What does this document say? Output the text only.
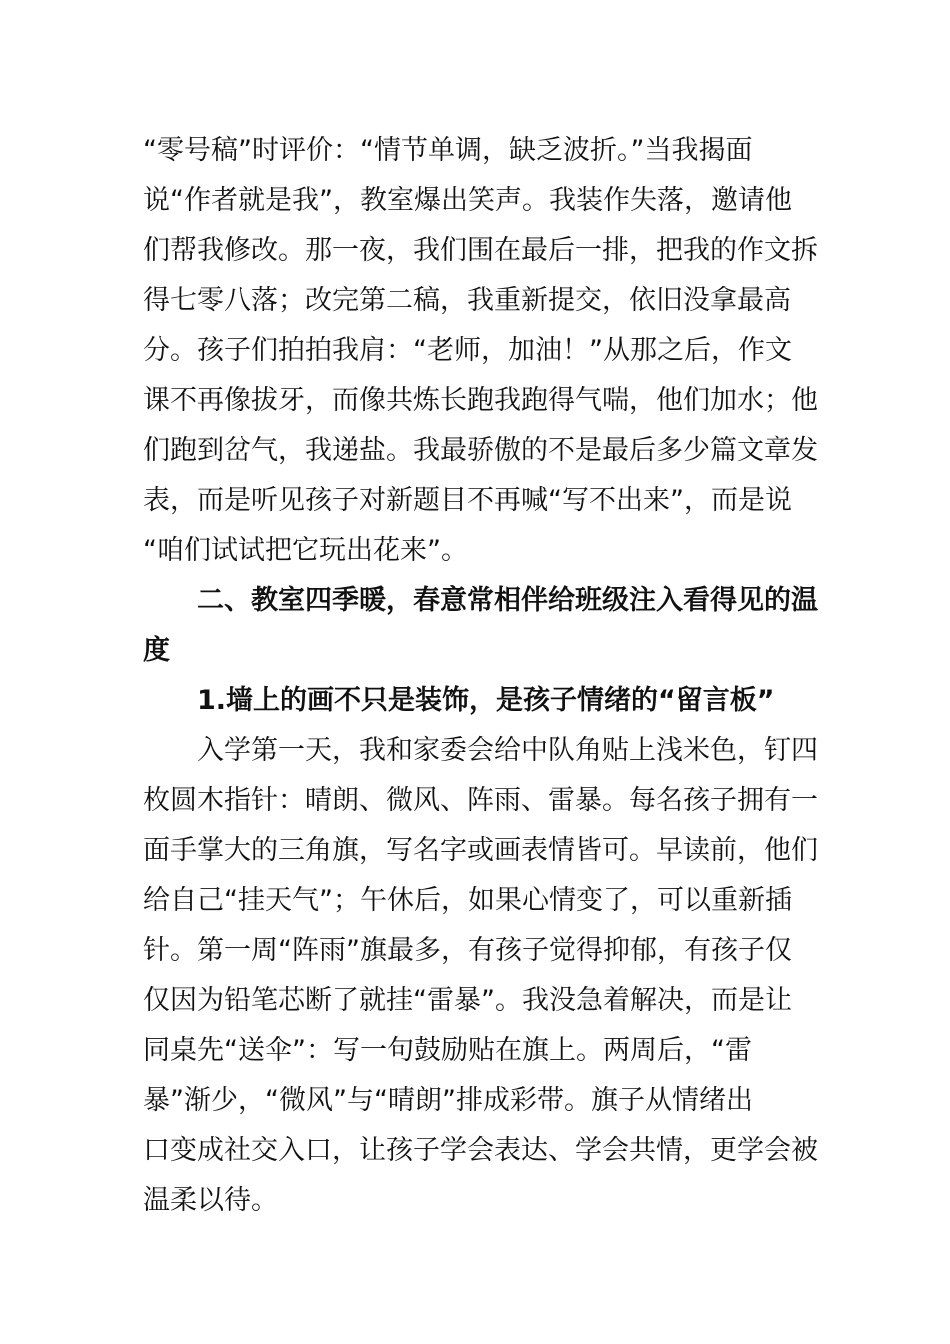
“零号稿”时评价：“情节单调，缺乏波折。”当我揭面
说“作者就是我”，教室爆出笑声。我装作失落，邀请他
们帮我修改。那一夜，我们围在最后一排，把我的作文拆
得七零八落；改完第二稿，我重新提交，依旧没拿最高
分。孩子们拍拍我肩：“老师，加油！”从那之后，作文
课不再像拔牙，而像共炼长跑我跑得气喘，他们加水；他
们跑到岔气，我递盐。我最骄傲的不是最后多少篇文章发
表，而是听见孩子对新题目不再喊“写不出来”，而是说
“咱们试试把它玩出花来”。
二、教室四季暖，春意常相伴给班级注入看得见的温
度
1.墙上的画不只是装饰，是孩子情绪的“留言板”
入学第一天，我和家委会给中队角贴上浅米色，钉四
枚圆木指针：晴朗、微风、阵雨、雷暴。每名孩子拥有一
面手掌大的三角旗，写名字或画表情皆可。早读前，他们
给自己“挂天气”；午休后，如果心情变了，可以重新插
针。第一周“阵雨”旗最多，有孩子觉得抑郁，有孩子仅
仅因为铅笔芯断了就挂“雷暴”。我没急着解决，而是让
同桌先“送伞”：写一句鼓励贴在旗上。两周后，“雷
暴”渐少，“微风”与“晴朗”排成彩带。旗子从情绪出
口变成社交入口，让孩子学会表达、学会共情，更学会被
温柔以待。
